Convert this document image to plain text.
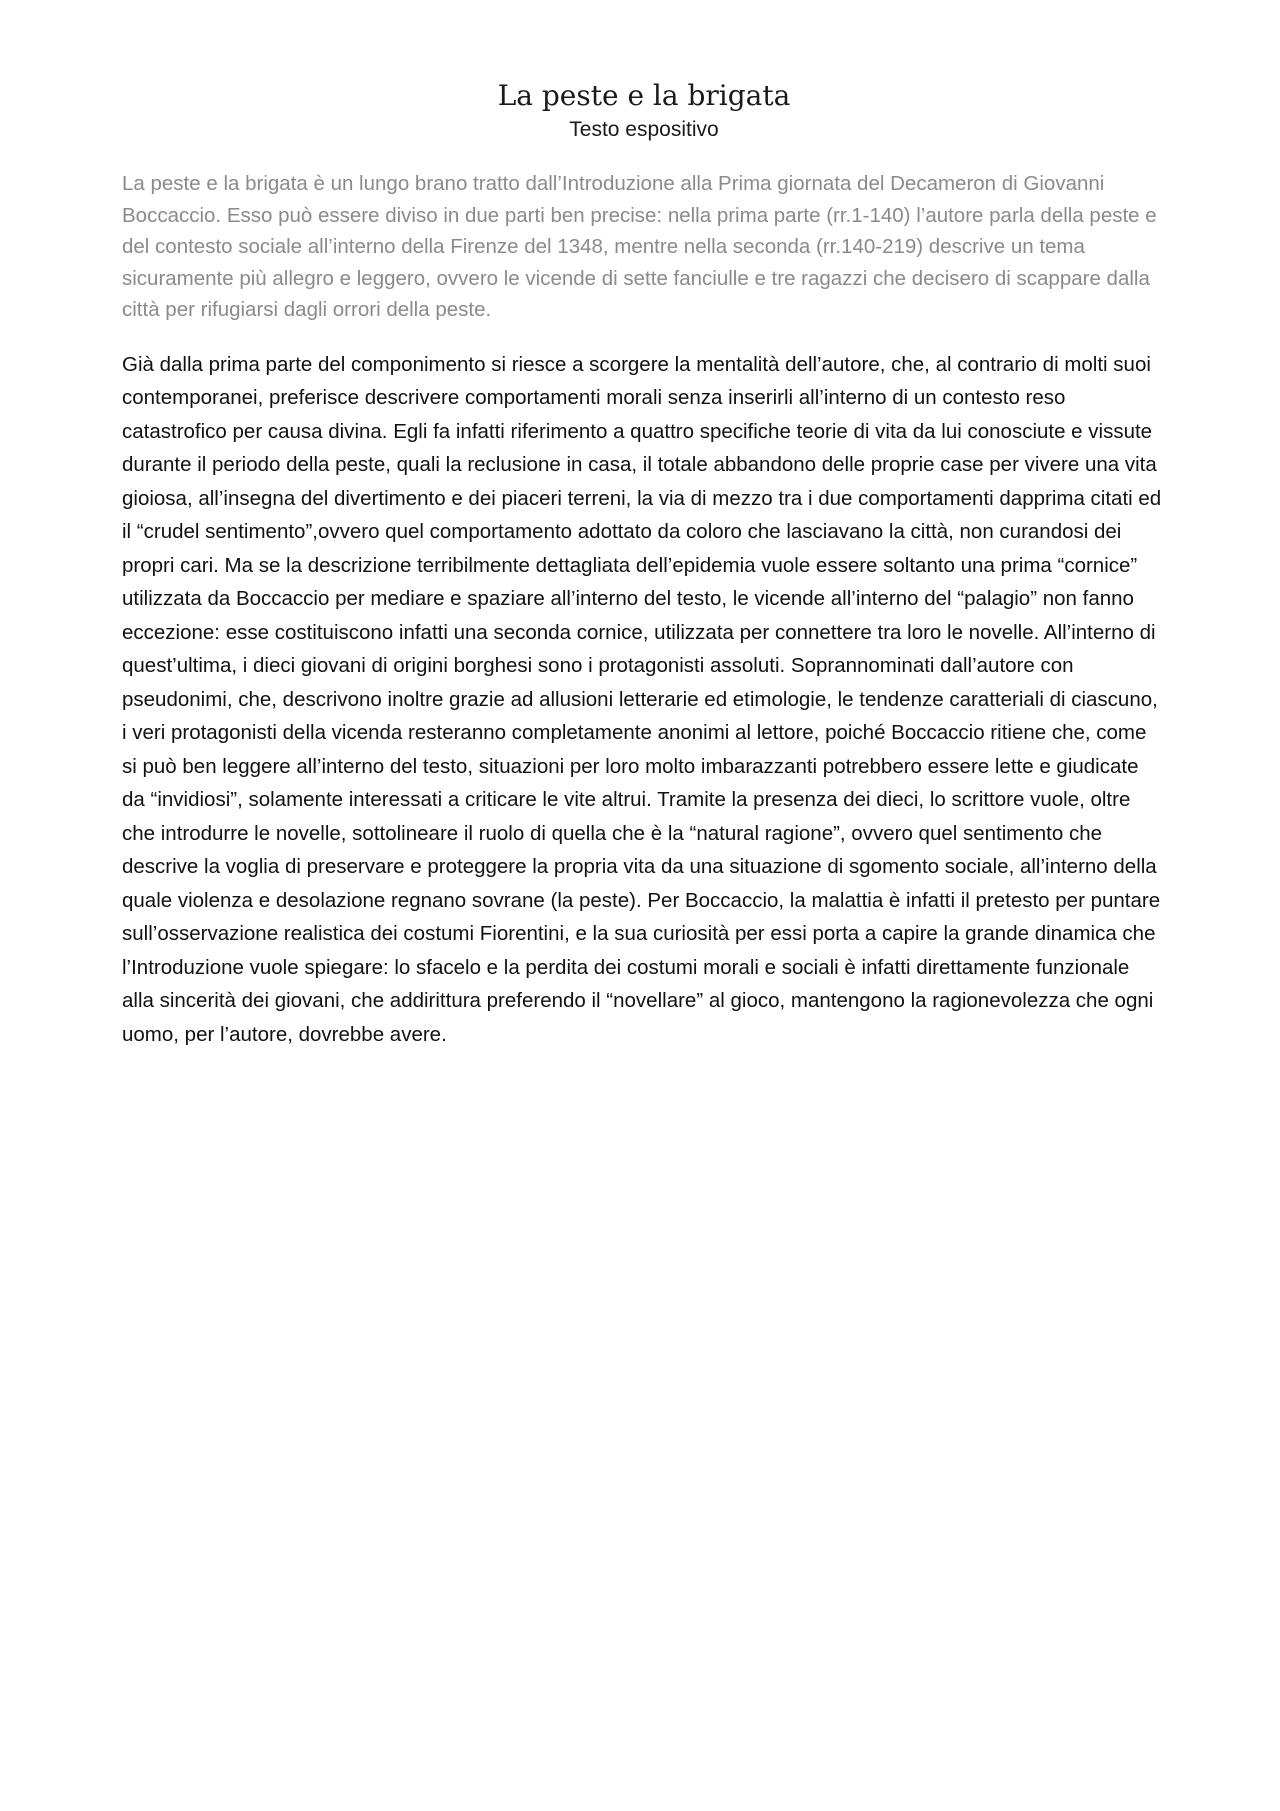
La peste e la brigata
Testo espositivo

La peste e la brigata è un lungo brano tratto dall’Introduzione alla Prima giornata del Decameron di Giovanni Boccaccio. Esso può essere diviso in due parti ben precise: nella prima parte (rr.1-140) l’autore parla della peste e del contesto sociale all’interno della Firenze del 1348, mentre nella seconda (rr.140-219) descrive un tema sicuramente più allegro e leggero, ovvero le vicende di sette fanciulle e tre ragazzi che decisero di scappare dalla città per rifugiarsi dagli orrori della peste.

Già dalla prima parte del componimento si riesce a scorgere la mentalità dell’autore, che, al contrario di molti suoi contemporanei, preferisce descrivere comportamenti morali senza inserirli all’interno di un contesto reso catastrofico per causa divina. Egli fa infatti riferimento a quattro specifiche teorie di vita da lui conosciute e vissute durante il periodo della peste, quali la reclusione in casa, il totale abbandono delle proprie case per vivere una vita gioiosa, all’insegna del divertimento e dei piaceri terreni, la via di mezzo tra i due comportamenti dapprima citati ed il “crudel sentimento”,ovvero quel comportamento adottato da coloro che lasciavano la città, non curandosi dei propri cari. Ma se la descrizione terribilmente dettagliata dell’epidemia vuole essere soltanto una prima “cornice” utilizzata da Boccaccio per mediare e spaziare all’interno del testo, le vicende all’interno del “palagio” non fanno eccezione: esse costituiscono infatti una seconda cornice, utilizzata per connettere tra loro le novelle. All’interno di quest’ultima, i dieci giovani di origini borghesi sono i protagonisti assoluti. Soprannominati dall’autore con pseudonimi, che, descrivono inoltre grazie ad allusioni letterarie ed etimologie, le tendenze caratteriali di ciascuno, i veri protagonisti della vicenda resteranno completamente anonimi al lettore, poiché Boccaccio ritiene che, come si può ben leggere all’interno del testo, situazioni per loro molto imbarazzanti potrebbero essere lette e giudicate da “invidiosi”, solamente interessati a criticare le vite altrui. Tramite la presenza dei dieci, lo scrittore vuole, oltre che introdurre le novelle, sottolineare il ruolo di quella che è la “natural ragione”, ovvero quel sentimento che descrive la voglia di preservare e proteggere la propria vita da una situazione di sgomento sociale, all’interno della quale violenza e desolazione regnano sovrane (la peste). Per Boccaccio, la malattia è infatti il pretesto per puntare sull’osservazione realistica dei costumi Fiorentini, e la sua curiosità per essi porta a capire la grande dinamica che l’Introduzione vuole spiegare: lo sfacelo e la perdita dei costumi morali e sociali è infatti direttamente funzionale alla sincerità dei giovani, che addirittura preferendo il “novellare” al gioco, mantengono la ragionevolezza che ogni uomo, per l’autore, dovrebbe avere.
